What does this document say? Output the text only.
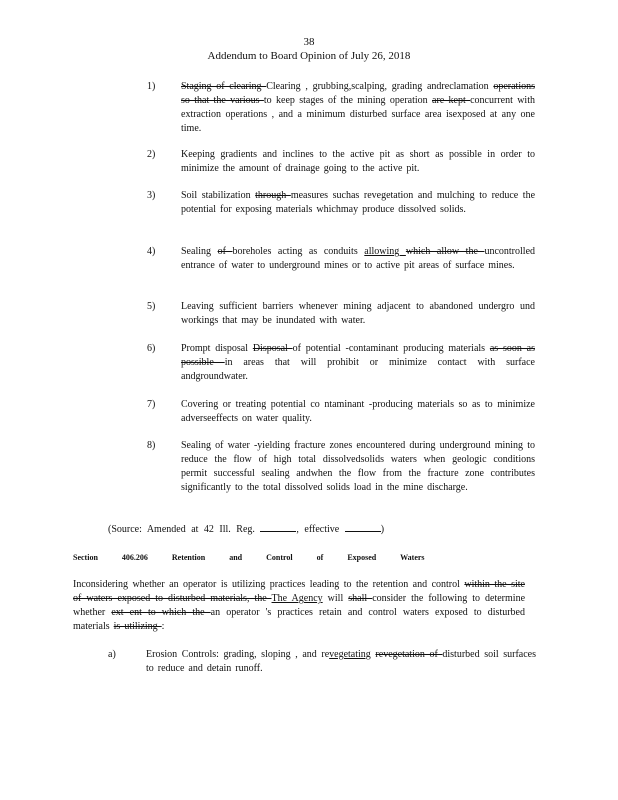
38
Addendum to Board Opinion of July 26, 2018
1)	Staging of clearing Clearing , grubbing,scalping, grading andreclamation operations so that the various to keep stages of the mining operation are kept concurrent with extraction operations , and a minimum disturbed surface area isexposed at any one time.
2)	Keeping gradients and inclines to the active pit as short as possible in order to minimize the amount of drainage going to the active pit.
3)	Soil stabilization through measures suchas revegetation and mulching to reduce the potential for exposing materials whichmay produce dissolved solids.
4)	Sealing of boreholes acting as conduits allowing which allow the uncontrolled entrance of water to underground mines or to active pit areas of surface mines.
5)	Leaving sufficient barriers whenever mining adjacent to abandoned undergro und workings that may be inundated with water.
6)	Prompt disposal Disposal of potential -contaminant producing materials as soon as possible in areas that will prohibit or minimize contact with surface andgroundwater.
7)	Covering or treating potential co ntaminant -producing materials so as to minimize adverseeffects on water quality.
8)	Sealing of water -yielding fracture zones encountered during underground mining to reduce the flow of high total dissolvedsolids waters when geologic conditions permit successful sealing andwhen the flow from the fracture zone contributes significantly to the total dissolved solids load in the mine discharge.
(Source: Amended at 42 Ill. Reg.	, effective	)
Section	406.206	Retention	and	Control	of	Exposed	Waters
Inconsidering whether an operator is utilizing practices leading to the retention and control within the site of waters exposed to disturbed materials, the The Agency will shall consider the following to determine whether ext ent to which the an operator 's practices retain and control waters exposed to disturbed materials is utilizing :
a)	Erosion Controls: grading, sloping , and revegetating revegetation of disturbed soil surfaces to reduce and detain runoff.
